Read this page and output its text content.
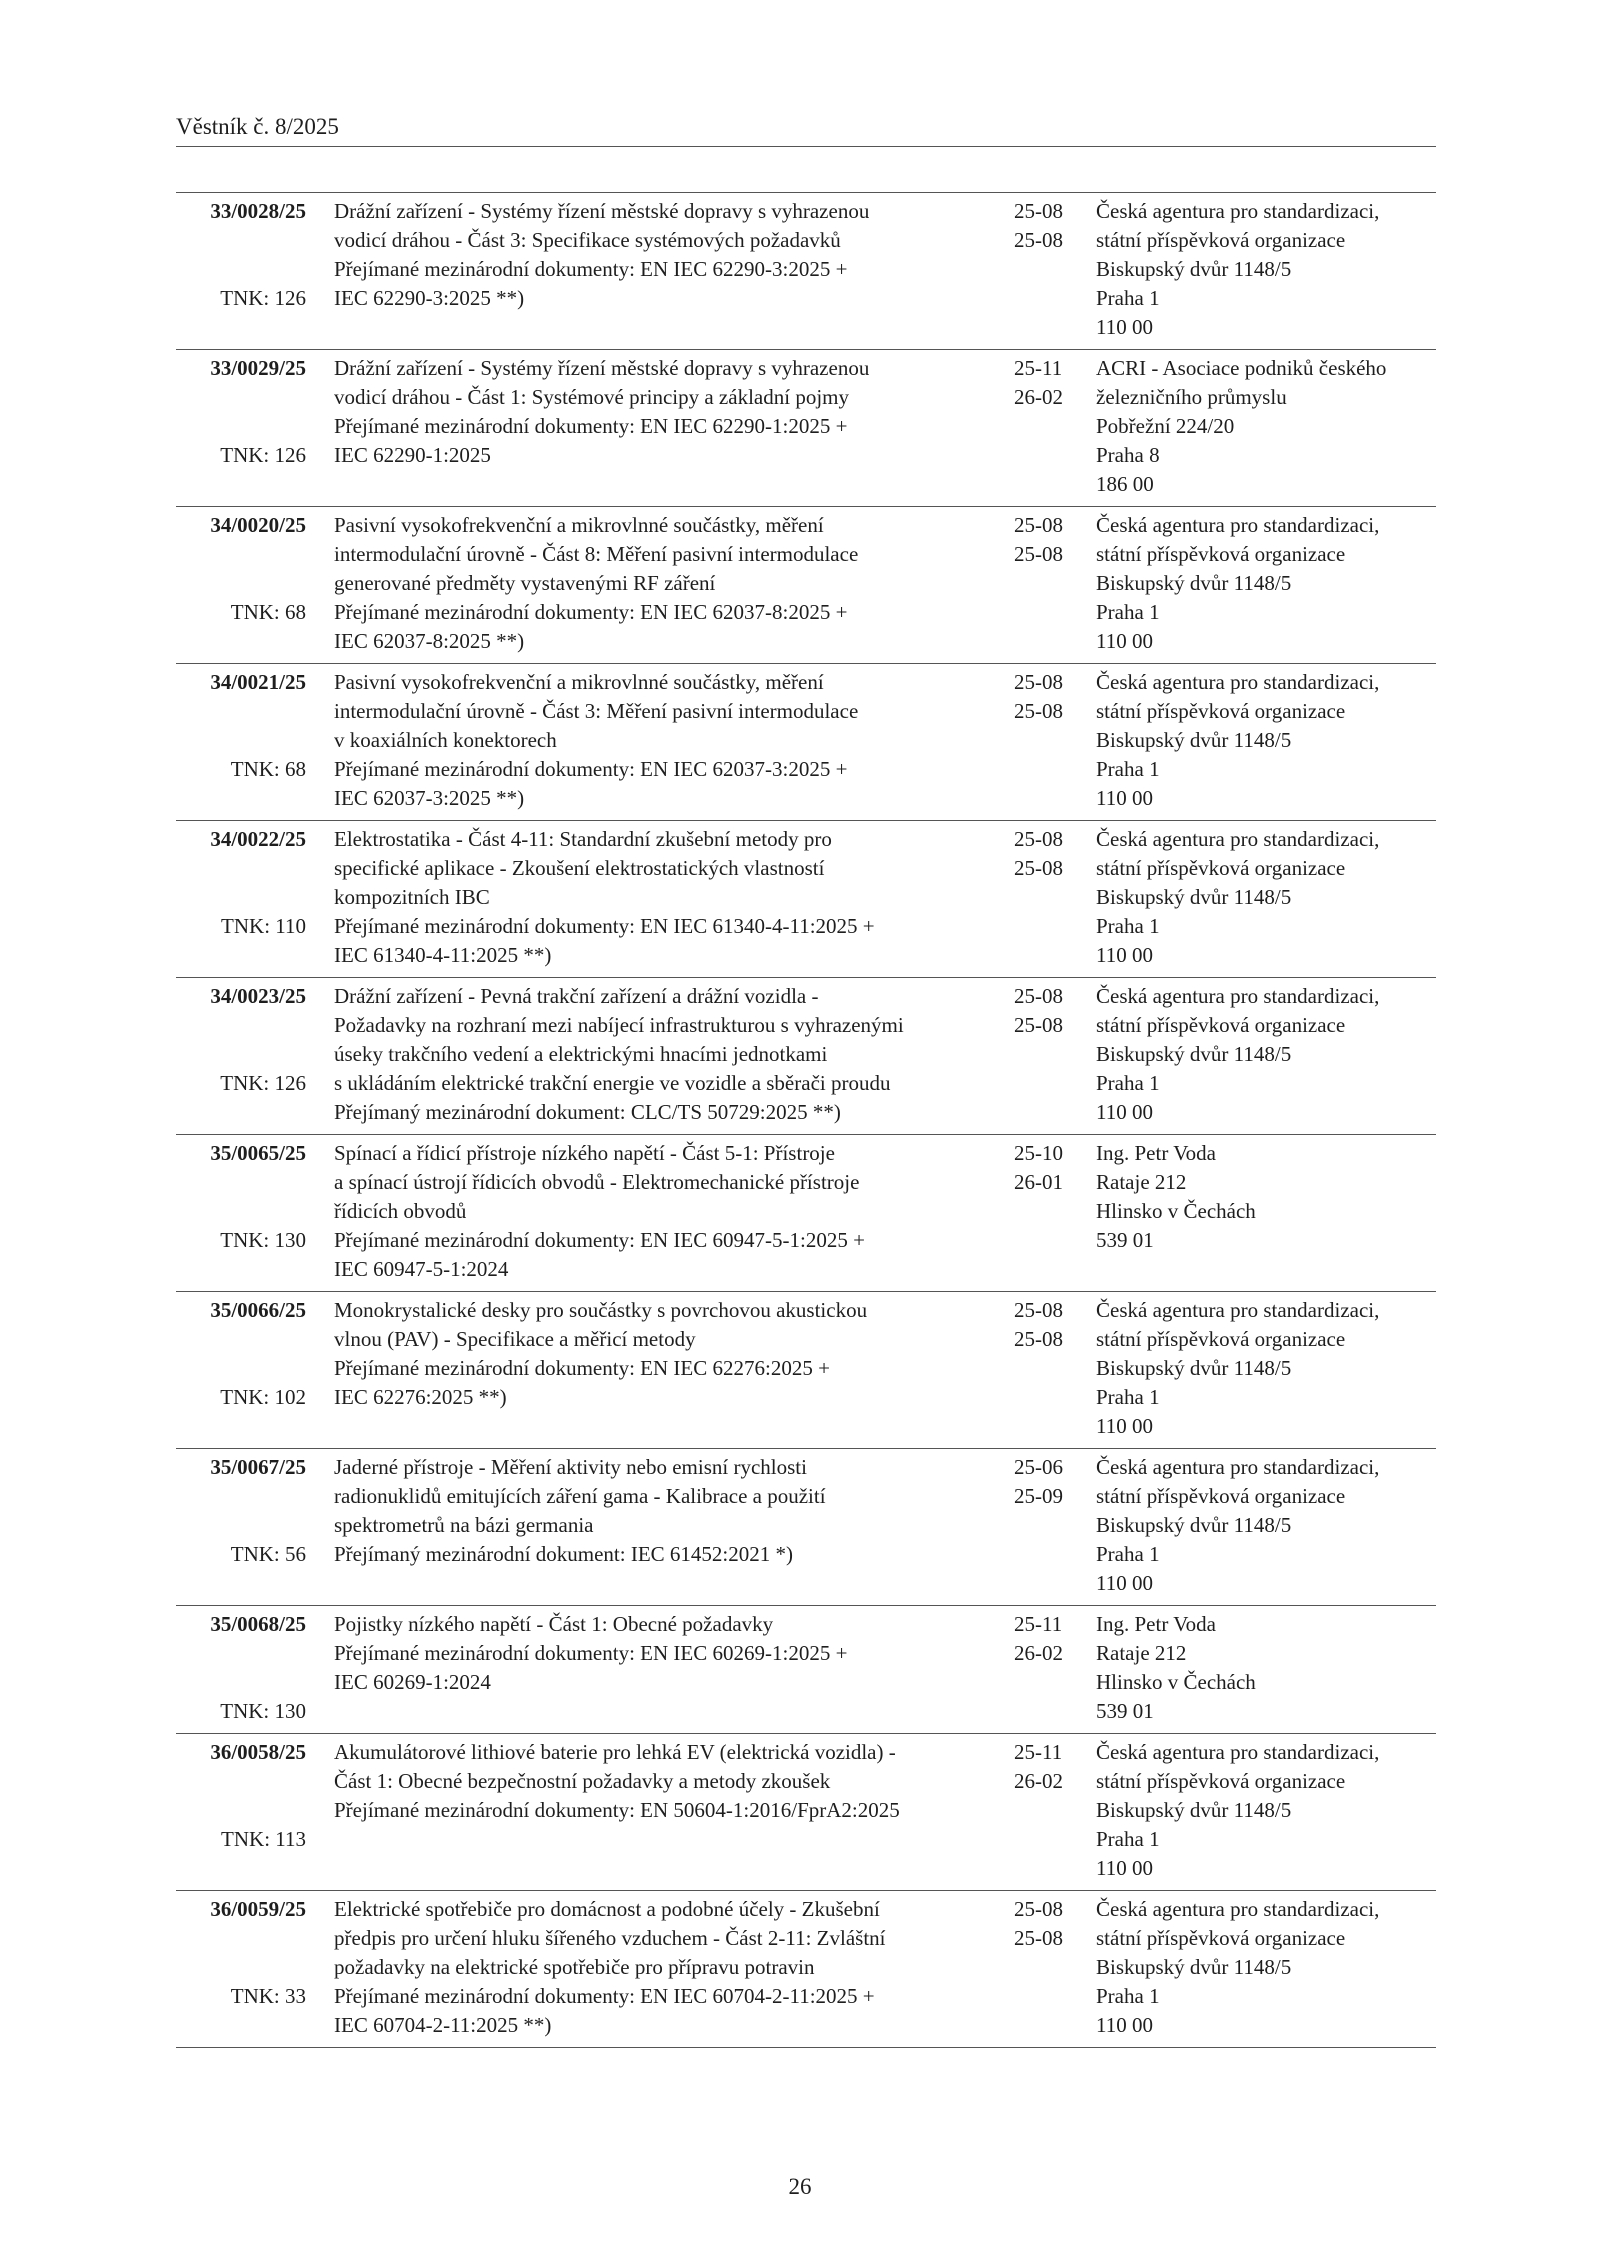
Věstník č. 8/2025
33/0028/25
TNK: 126
Drážní zařízení - Systémy řízení městské dopravy s vyhrazenou
vodicí dráhou - Část 3: Specifikace systémových požadavků
Přejímané mezinárodní dokumenty: EN IEC 62290-3:2025 +
IEC 62290-3:2025 **)
25-08
25-08
Česká agentura pro standardizaci,
státní příspěvková organizace
Biskupský dvůr 1148/5
Praha 1
110 00
33/0029/25
TNK: 126
Drážní zařízení - Systémy řízení městské dopravy s vyhrazenou
vodicí dráhou - Část 1: Systémové principy a základní pojmy
Přejímané mezinárodní dokumenty: EN IEC 62290-1:2025 +
IEC 62290-1:2025
25-11
26-02
ACRI - Asociace podniků českého
železničního průmyslu
Pobřežní 224/20
Praha 8
186 00
34/0020/25
TNK: 68
Pasivní vysokofrekvenční a mikrovlnné součástky, měření
intermodulační úrovně - Část 8: Měření pasivní intermodulace
generované předměty vystavenými RF záření
Přejímané mezinárodní dokumenty: EN IEC 62037-8:2025 +
IEC 62037-8:2025 **)
25-08
25-08
Česká agentura pro standardizaci,
státní příspěvková organizace
Biskupský dvůr 1148/5
Praha 1
110 00
34/0021/25
TNK: 68
Pasivní vysokofrekvenční a mikrovlnné součástky, měření
intermodulační úrovně - Část 3: Měření pasivní intermodulace
v koaxiálních konektorech
Přejímané mezinárodní dokumenty: EN IEC 62037-3:2025 +
IEC 62037-3:2025 **)
25-08
25-08
Česká agentura pro standardizaci,
státní příspěvková organizace
Biskupský dvůr 1148/5
Praha 1
110 00
34/0022/25
TNK: 110
Elektrostatika - Část 4-11: Standardní zkušební metody pro
specifické aplikace - Zkoušení elektrostatických vlastností
kompozitních IBC
Přejímané mezinárodní dokumenty: EN IEC 61340-4-11:2025 +
IEC 61340-4-11:2025 **)
25-08
25-08
Česká agentura pro standardizaci,
státní příspěvková organizace
Biskupský dvůr 1148/5
Praha 1
110 00
34/0023/25
TNK: 126
Drážní zařízení - Pevná trakční zařízení a drážní vozidla -
Požadavky na rozhraní mezi nabíjecí infrastrukturou s vyhrazenými
úseky trakčního vedení a elektrickými hnacími jednotkami
s ukládáním elektrické trakční energie ve vozidle a sběrači proudu
Přejímaný mezinárodní dokument: CLC/TS 50729:2025 **)
25-08
25-08
Česká agentura pro standardizaci,
státní příspěvková organizace
Biskupský dvůr 1148/5
Praha 1
110 00
35/0065/25
TNK: 130
Spínací a řídicí přístroje nízkého napětí - Část 5-1: Přístroje
a spínací ústrojí řídicích obvodů - Elektromechanické přístroje
řídicích obvodů
Přejímané mezinárodní dokumenty: EN IEC 60947-5-1:2025 +
IEC 60947-5-1:2024
25-10
26-01
Ing. Petr Voda
Rataje 212
Hlinsko v Čechách
539 01
35/0066/25
TNK: 102
Monokrystalické desky pro součástky s povrchovou akustickou
vlnou (PAV) - Specifikace a měřicí metody
Přejímané mezinárodní dokumenty: EN IEC 62276:2025 +
IEC 62276:2025 **)
25-08
25-08
Česká agentura pro standardizaci,
státní příspěvková organizace
Biskupský dvůr 1148/5
Praha 1
110 00
35/0067/25
TNK: 56
Jaderné přístroje - Měření aktivity nebo emisní rychlosti
radionuklidů emitujících záření gama - Kalibrace a použití
spektrometrů na bázi germania
Přejímaný mezinárodní dokument: IEC 61452:2021 *)
25-06
25-09
Česká agentura pro standardizaci,
státní příspěvková organizace
Biskupský dvůr 1148/5
Praha 1
110 00
35/0068/25
TNK: 130
Pojistky nízkého napětí - Část 1: Obecné požadavky
Přejímané mezinárodní dokumenty: EN IEC 60269-1:2025 +
IEC 60269-1:2024
25-11
26-02
Ing. Petr Voda
Rataje 212
Hlinsko v Čechách
539 01
36/0058/25
TNK: 113
Akumulátorové lithiové baterie pro lehká EV (elektrická vozidla) -
Část 1: Obecné bezpečnostní požadavky a metody zkoušek
Přejímané mezinárodní dokumenty: EN 50604-1:2016/FprA2:2025
25-11
26-02
Česká agentura pro standardizaci,
státní příspěvková organizace
Biskupský dvůr 1148/5
Praha 1
110 00
36/0059/25
TNK: 33
Elektrické spotřebiče pro domácnost a podobné účely - Zkušební
předpis pro určení hluku šířeného vzduchem - Část 2-11: Zvláštní
požadavky na elektrické spotřebiče pro přípravu potravin
Přejímané mezinárodní dokumenty: EN IEC 60704-2-11:2025 +
IEC 60704-2-11:2025 **)
25-08
25-08
Česká agentura pro standardizaci,
státní příspěvková organizace
Biskupský dvůr 1148/5
Praha 1
110 00
26
